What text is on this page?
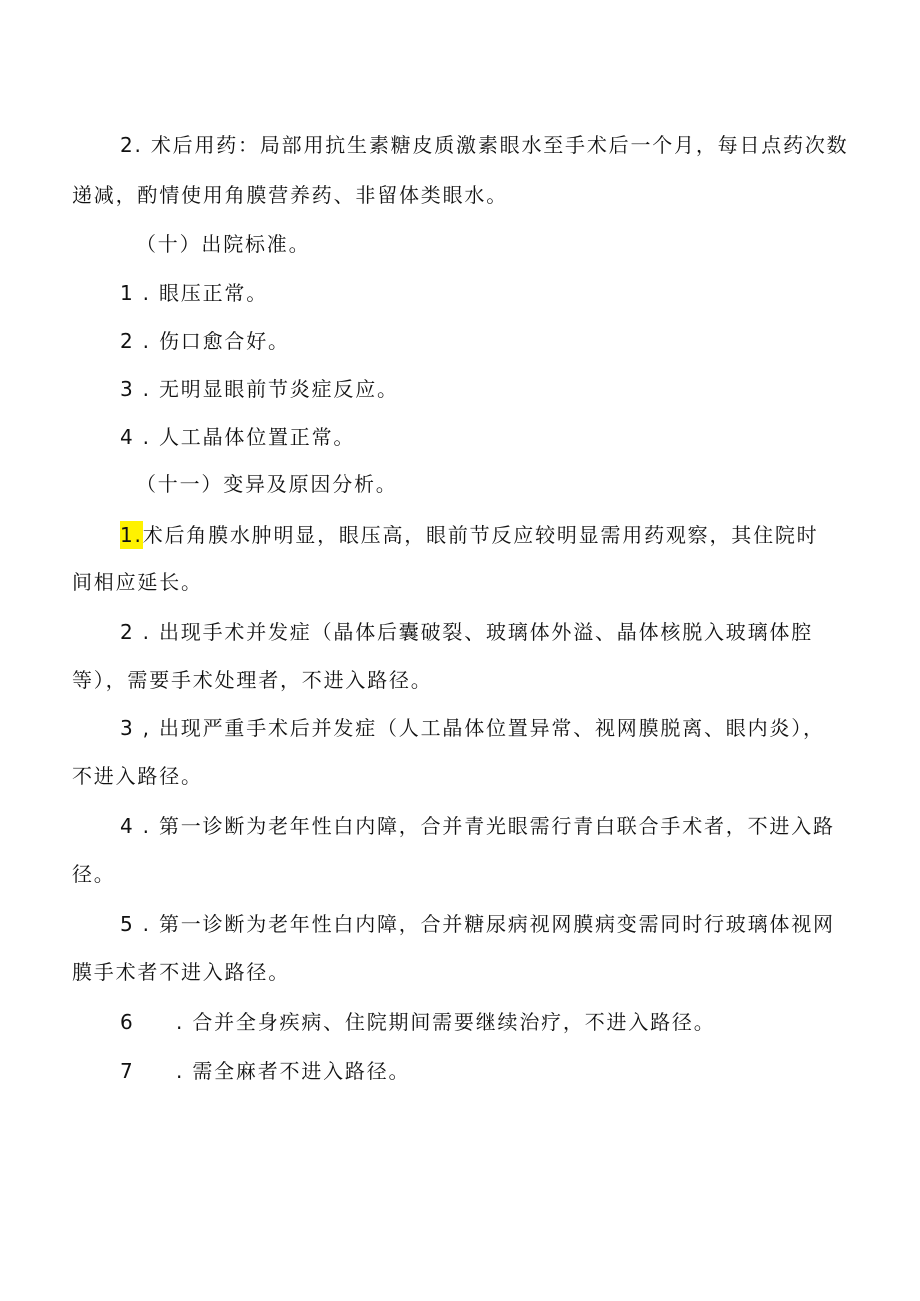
2. 术后用药：局部用抗生素糖皮质激素眼水至手术后一个月，每日点药次数
递减，酌情使用角膜营养药、非留体类眼水。
（十）出院标准。
1 . 眼压正常。
2 . 伤口愈合好。
3 . 无明显眼前节炎症反应。
4 . 人工晶体位置正常。
（十一）变异及原因分析。
1.术后角膜水肿明显，眼压高，眼前节反应较明显需用药观察，其住院时
间相应延长。
2 . 出现手术并发症（晶体后囊破裂、玻璃体外溢、晶体核脱入玻璃体腔
等），需要手术处理者，不进入路径。
3 , 出现严重手术后并发症（人工晶体位置异常、视网膜脱离、眼内炎），
不进入路径。
4 . 第一诊断为老年性白内障，合并青光眼需行青白联合手术者，不进入路
径。
5 . 第一诊断为老年性白内障，合并糖尿病视网膜病变需同时行玻璃体视网
膜手术者不进入路径。
6 . 合并全身疾病、住院期间需要继续治疗，不进入路径。
7 . 需全麻者不进入路径。
